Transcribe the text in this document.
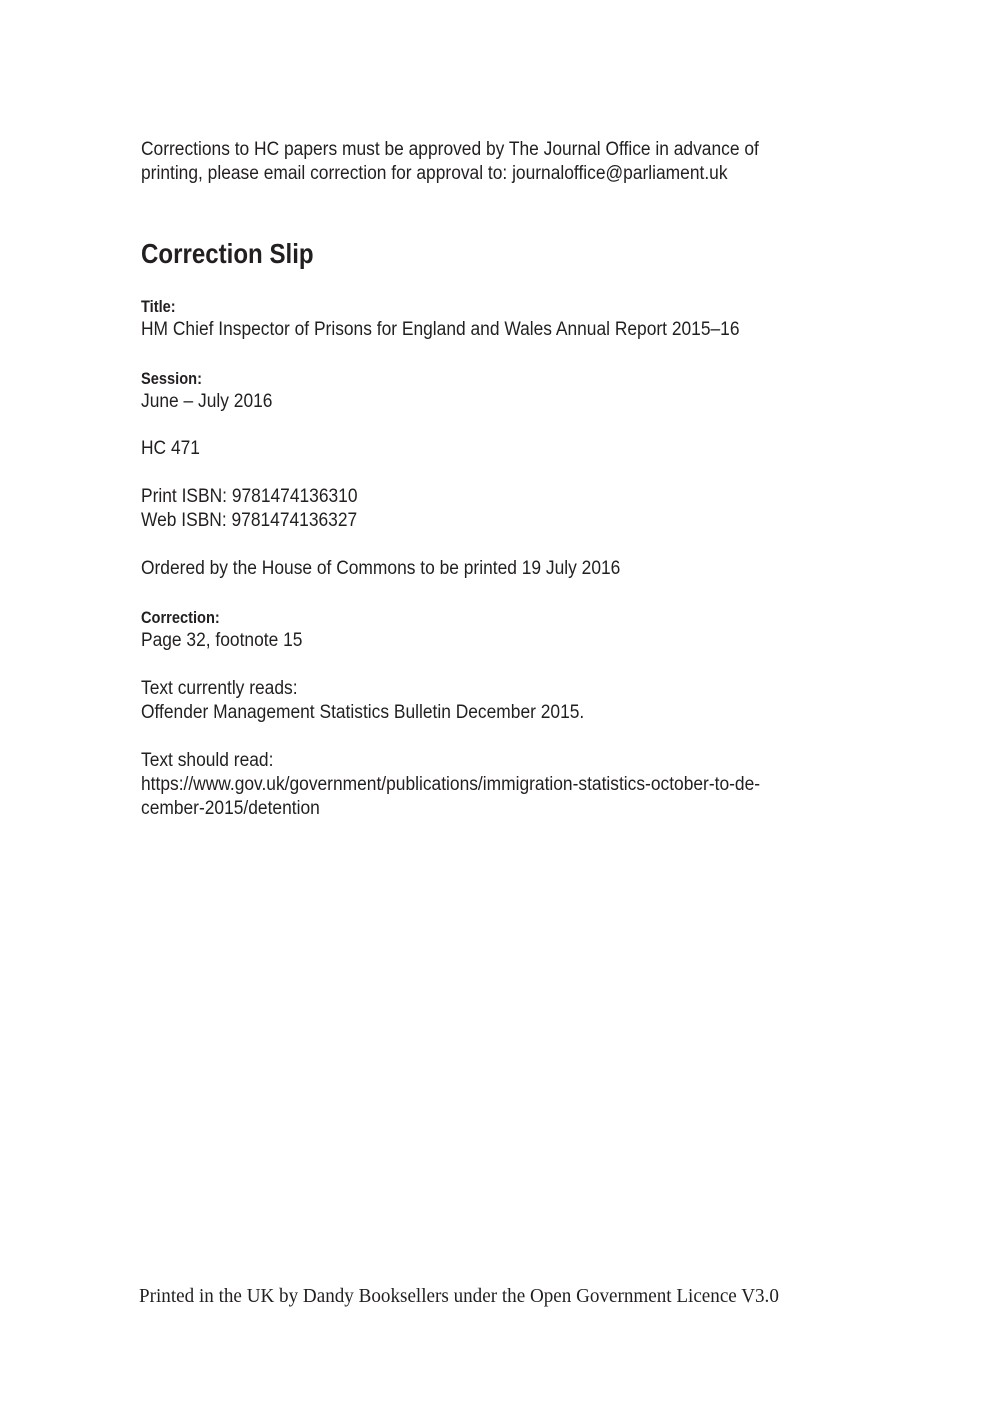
Corrections to HC papers must be approved by The Journal Office in advance of
printing, please email correction for approval to: journaloffice@parliament.uk
Correction Slip
Title:
HM Chief Inspector of Prisons for England and Wales Annual Report 2015–16
Session:
June – July 2016
HC 471
Print ISBN: 9781474136310
Web ISBN: 9781474136327
Ordered by the House of Commons to be printed 19 July 2016
Correction:
Page 32, footnote 15
Text currently reads:
Offender Management Statistics Bulletin December 2015.
Text should read:
https://www.gov.uk/government/publications/immigration-statistics-october-to-de-
cember-2015/detention
Printed in the UK by Dandy Booksellers under the Open Government Licence V3.0
